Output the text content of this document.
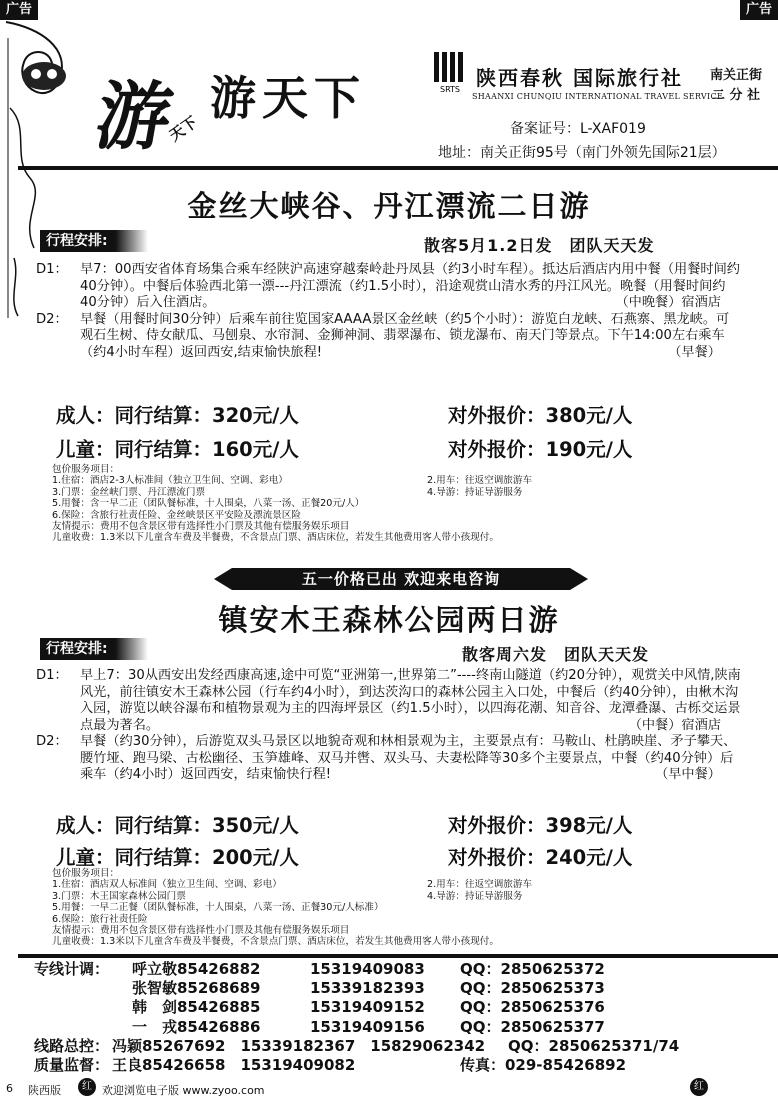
广告	广告
游
天下
游天下	SRTS 陕西春秋 国际旅行社
SHAANXI CHUNQIU INTERNATIONAL TRAVEL SERVICE
南关正街
二 分 社
备案证号：L-XAF019
地址：南关正街95号（南门外领先国际21层）
金丝大峡谷、丹江漂流二日游
行程安排:	散客5月1.2日发　团队天天发
D1： 早7：00西安省体育场集合乘车经陕沪高速穿越秦岭赴丹凤县（约3小时车程）。抵达后酒店内用中餐（用餐时间约40分钟）。中餐后体验西北第一漂---丹江漂流（约1.5小时），沿途观赏山清水秀的丹江风光。晚餐（用餐时间约40分钟）后入住酒店。	（中晚餐）宿酒店
D2： 早餐（用餐时间30分钟）后乘车前往览国家AAAA景区金丝峡（约5个小时）：游览白龙峡、石燕寨、黑龙峡。可观石生树、侍女献瓜、马刨泉、水帘洞、金狮神洞、翡翠瀑布、锁龙瀑布、南天门等景点。下午14:00左右乘车（约4小时车程）返回西安,结束愉快旅程!	（早餐）
成人：同行结算：320元/人	对外报价：380元/人
儿童：同行结算：160元/人	对外报价：190元/人
包价服务项目：
1.住宿：酒店2-3人标准间（独立卫生间、空调、彩电）	2.用车：往返空调旅游车
3.门票：金丝峡门票、丹江漂流门票	4.导游：持证导游服务
5.用餐：含一早二正（团队餐标准，十人围桌，八菜一汤、正餐20元/人）
6.保险：含旅行社责任险、金丝峡景区平安险及漂流景区险
友情提示：费用不包含景区带有选择性小门票及其他有偿服务娱乐项目
儿童收费：1.3米以下儿童含车费及半餐费，不含景点门票、酒店床位，若发生其他费用客人带小孩现付。
五一价格已出 欢迎来电咨询
镇安木王森林公园两日游
行程安排:	散客周六发　团队天天发
D1： 早上7：30从西安出发经西康高速,途中可览“亚洲第一,世界第二”----终南山隧道（约20分钟），观赏关中风情,陕南风光，前往镇安木王森林公园（行车约4小时），到达茨沟口的森林公园主入口处，中餐后（约40分钟），由楸木沟入园，游览以峡谷瀑布和植物景观为主的四海坪景区（约1.5小时），以四海花潮、知音谷、龙潭叠瀑、古栎交运景点最为著名。	（中餐）宿酒店
D2： 早餐（约30分钟），后游览双头马景区以地貌奇观和林相景观为主，主要景点有：马鞍山、杜鹃映崖、矛子攀天、腰竹垭、跑马梁、古松幽径、玉笋雄峰、双马并辔、双头马、夫妻松降等30多个主要景点，中餐（约40分钟）后乘车（约4小时）返回西安，结束愉快行程!	（早中餐）
成人：同行结算：350元/人	对外报价：398元/人
儿童：同行结算：200元/人	对外报价：240元/人
包价服务项目：
1.住宿：酒店双人标准间（独立卫生间、空调、彩电）	2.用车：往返空调旅游车
3.门票：木王国家森林公园门票	4.导游：持证导游服务
5.用餐：一早二正餐（团队餐标准，十人围桌，八菜一汤、正餐30元/人标准）
6.保险：旅行社责任险
友情提示：费用不包含景区带有选择性小门票及其他有偿服务娱乐项目
儿童收费：1.3米以下儿童含车费及半餐费，不含景点门票、酒店床位，若发生其他费用客人带小孩现付。
专线计调： 呼立敬85426882	15319409083 QQ：2850625372
张智敏85268689	15339182393 QQ：2850625373
韩　剑85426885	15319409152 QQ：2850625376
一　戎85426886	15319409156 QQ：2850625377
线路总控： 冯颖85267692　15339182367　15829062342 QQ：2850625371/74
质量监督： 王良85426658　15319409082	传真：029-85426892
6 陕西版	红 欢迎浏览电子版 www.zyoo.com	红
